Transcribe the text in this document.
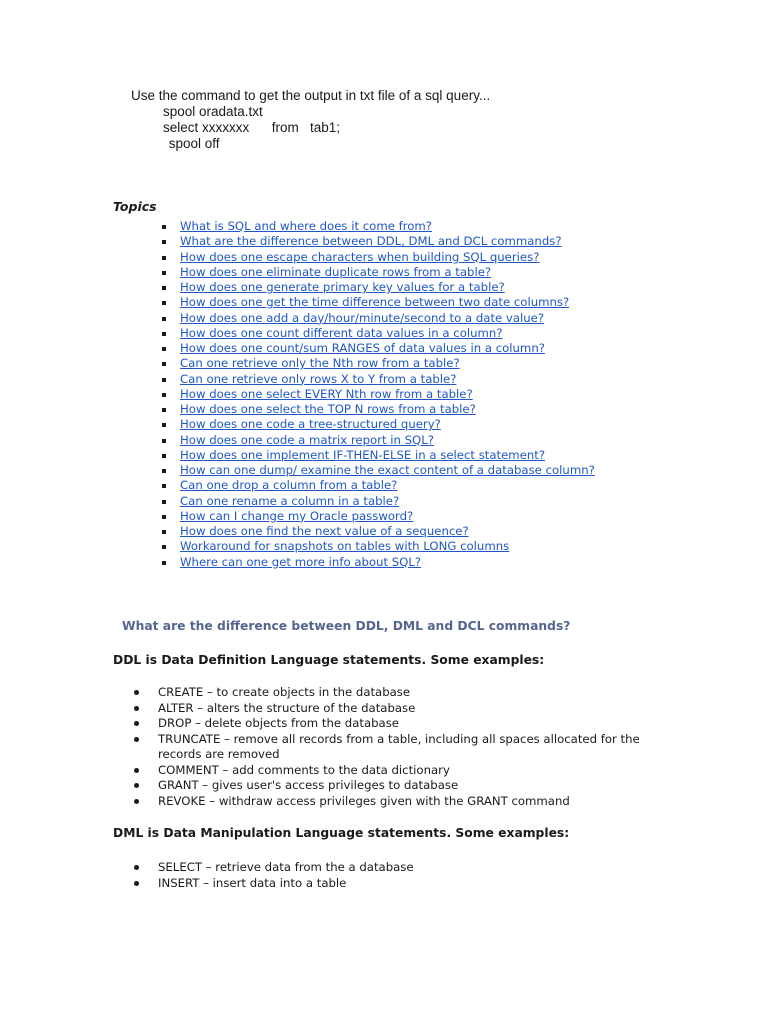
Use the command to get the output in txt file of a sql query...
spool oradata.txt
select xxxxxxx      from   tab1;
spool off
Topics
What is SQL and where does it come from?
What are the difference between DDL, DML and DCL commands?
How does one escape characters when building SQL queries?
How does one eliminate duplicate rows from a table?
How does one generate primary key values for a table?
How does one get the time difference between two date columns?
How does one add a day/hour/minute/second to a date value?
How does one count different data values in a column?
How does one count/sum RANGES of data values in a column?
Can one retrieve only the Nth row from a table?
Can one retrieve only rows X to Y from a table?
How does one select EVERY Nth row from a table?
How does one select the TOP N rows from a table?
How does one code a tree-structured query?
How does one code a matrix report in SQL?
How does one implement IF-THEN-ELSE in a select statement?
How can one dump/ examine the exact content of a database column?
Can one drop a column from a table?
Can one rename a column in a table?
How can I change my Oracle password?
How does one find the next value of a sequence?
Workaround for snapshots on tables with LONG columns
Where can one get more info about SQL?
What are the difference between DDL, DML and DCL commands?
DDL is Data Definition Language statements. Some examples:
CREATE – to create objects in the database
ALTER – alters the structure of the database
DROP – delete objects from the database
TRUNCATE – remove all records from a table, including all spaces allocated for the records are removed
COMMENT – add comments to the data dictionary
GRANT – gives user's access privileges to database
REVOKE – withdraw access privileges given with the GRANT command
DML is Data Manipulation Language statements. Some examples:
SELECT – retrieve data from the a database
INSERT – insert data into a table
